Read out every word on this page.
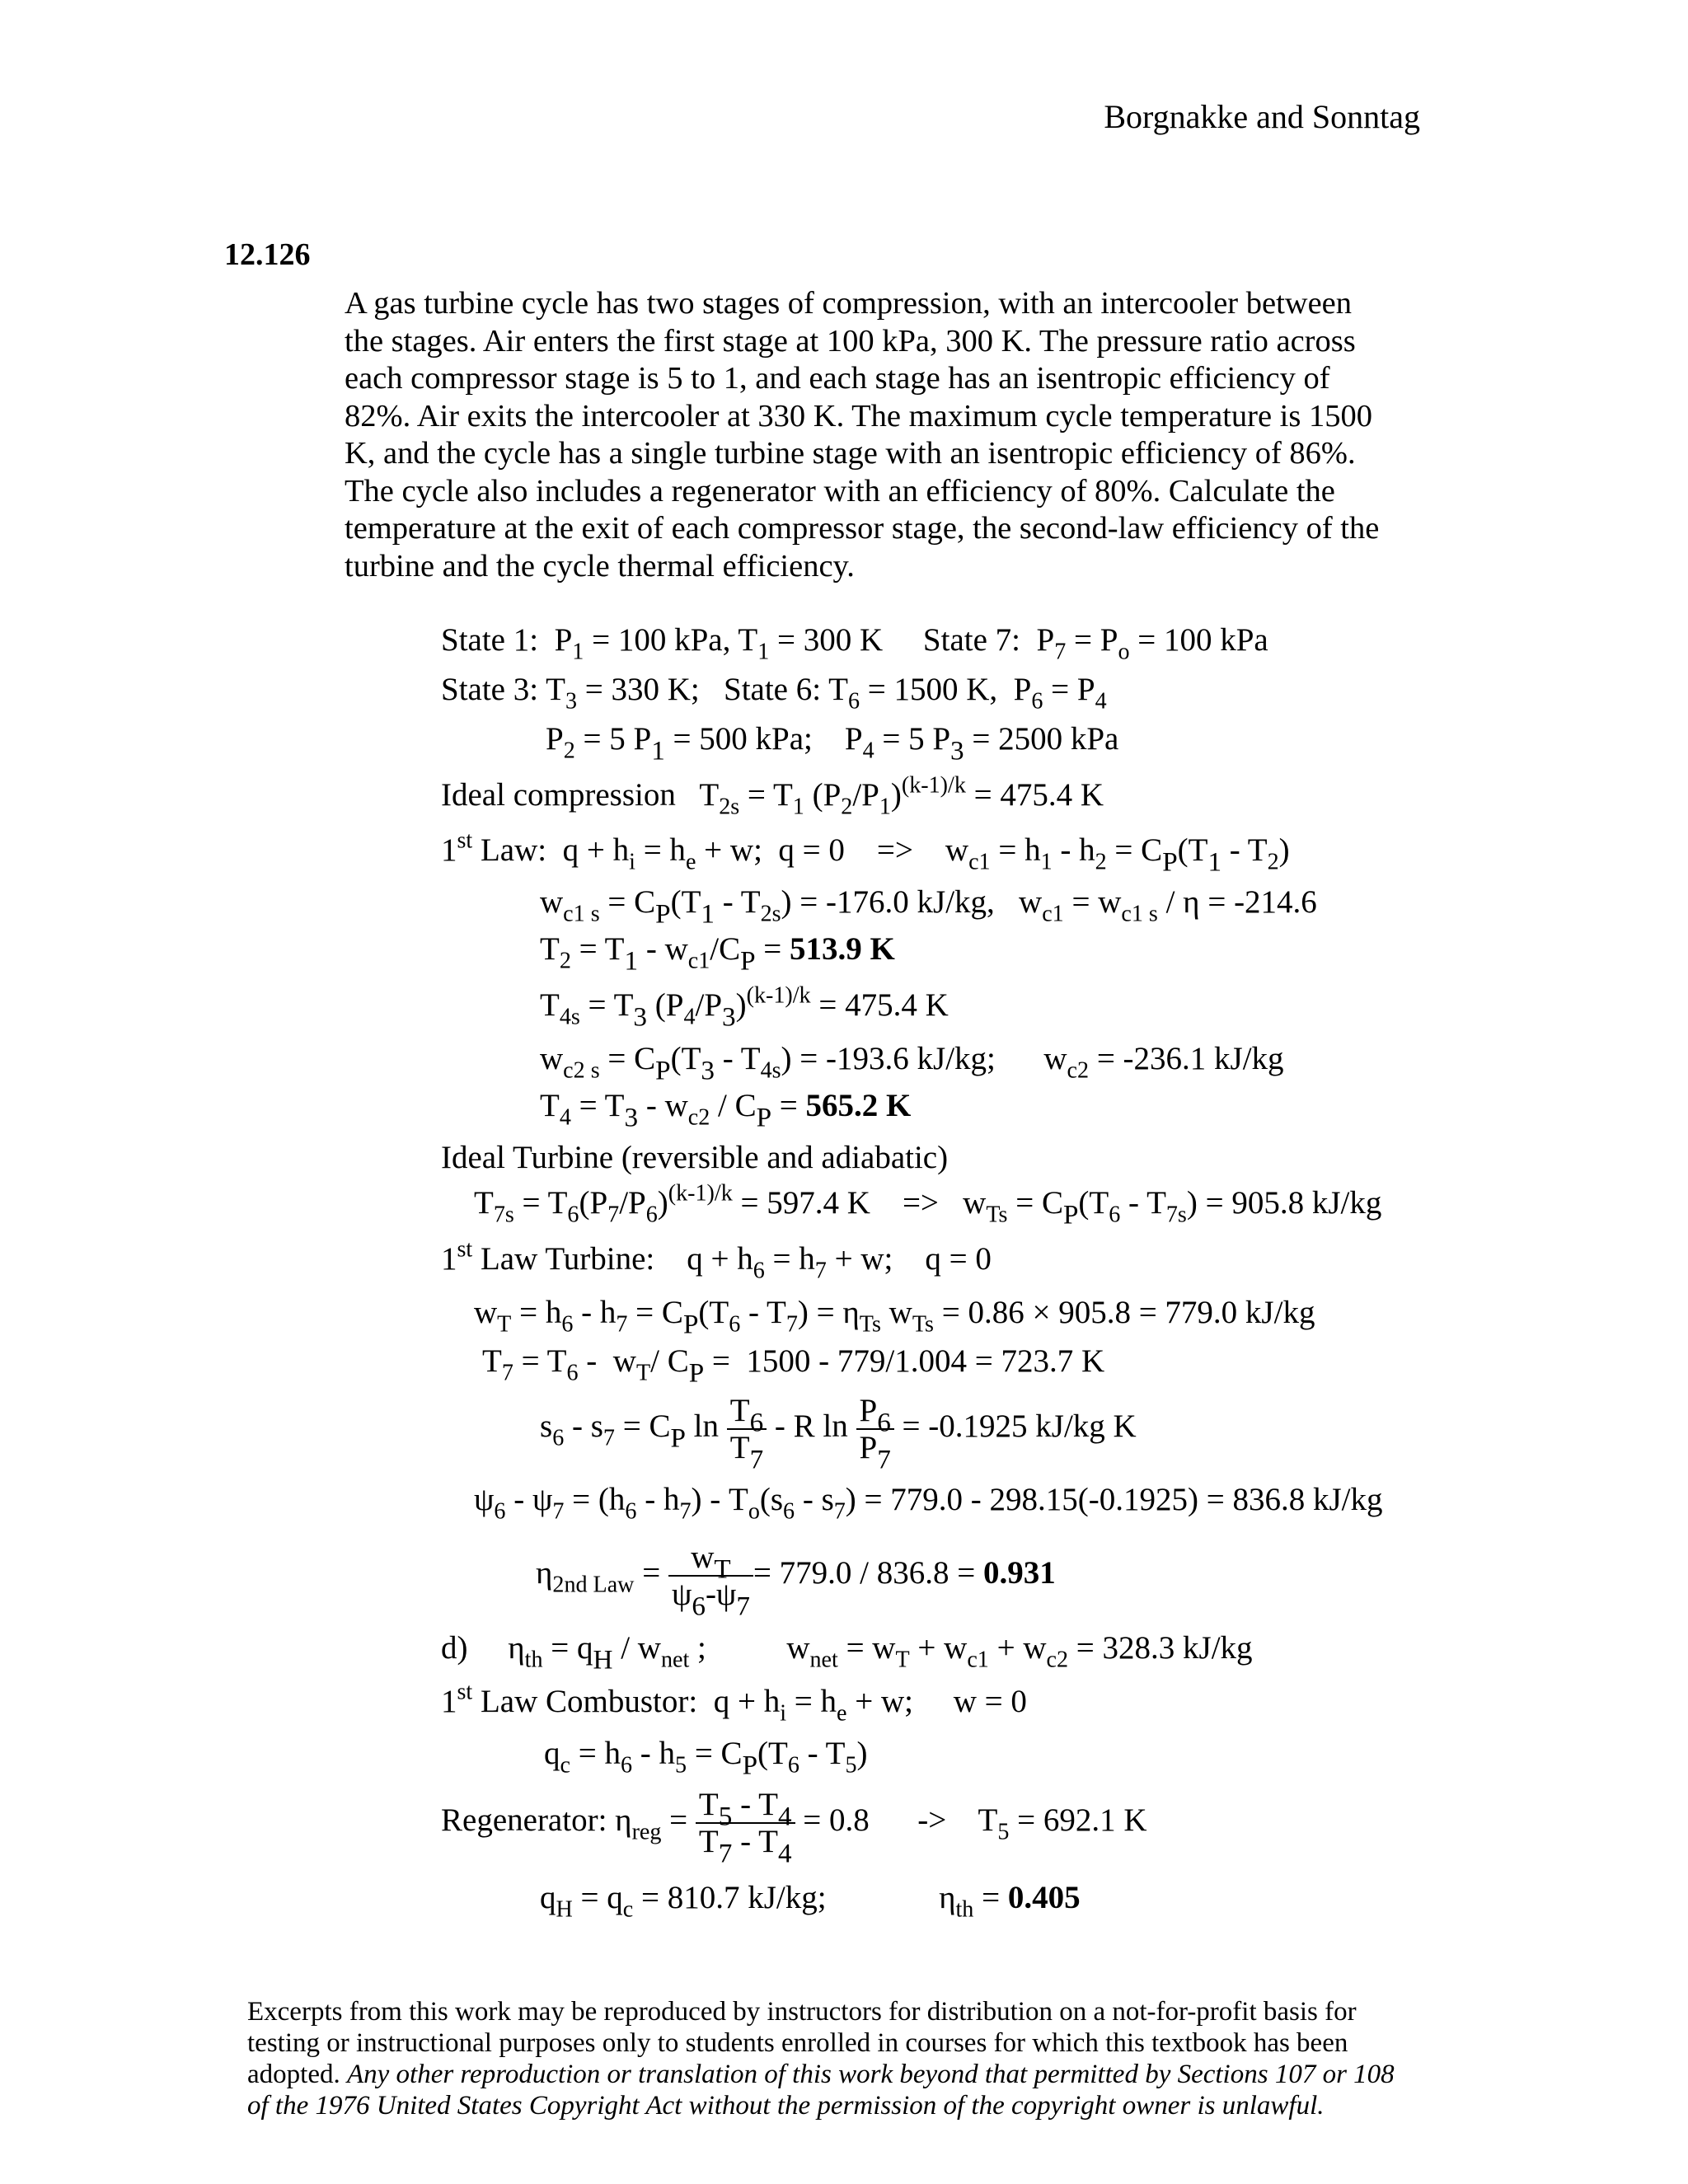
Borgnakke and Sonntag
12.126

A gas turbine cycle has two stages of compression, with an intercooler between

the stages. Air enters the first stage at 100 kPa, 300 K. The pressure ratio across

each compressor stage is 5 to 1, and each stage has an isentropic efficiency of

82%. Air exits the intercooler at 330 K. The maximum cycle temperature is 1500

K, and the cycle has a single turbine stage with an isentropic efficiency of 86%.

The cycle also includes a regenerator with an efficiency of 80%. Calculate the

temperature at the exit of each compressor stage, the second-law efficiency of the

turbine and the cycle thermal efficiency.

State 1:  $P_1 = 100$ kPa, $T_1 = 300$ K State 7:  $P_7 = P_o = 100$ kPa
State 3: $T_3 = 330$ K; State 6: $T_6 = 1500$ K,  $P_6 = P_4$
$P_2 = 5$ $P_1 = 500$ kPa;    $P_4 = 5$ $P_3 = 2500$ kPa
Ideal compression   $T_{2s} = T_1$ $(P_2/P_1)^{(k-1)/k} = 475.4$ K
1st Law:  $q + h_i = h_e + w$;  q = 0    =>    $w_{c1} = h_1 - h_2 = C_P(T_1 - T_2)$
$w_{c1 s} = C_P(T_1 - T_{2s}) = -176.0$ kJ/kg,   $w_{c1} = w_{c1 s} / \eta = -214.6$
$T_2 = T_1 - w_{c1}/C_P = 513.9$ K
$T_{4s} = T_3$ $(P_4/P_3)^{(k-1)/k} = 475.4$ K
$w_{c2 s} = C_P(T_3 - T_{4s}) = -193.6$ kJ/kg;      $w_{c2} = -236.1$ kJ/kg
$T_4 = T_3 - w_{c2} / C_P = 565.2$ K
Ideal Turbine (reversible and adiabatic)
$T_{7s} = T_6(P_7/P_6)^{(k-1)/k} = 597.4$ K    =>   $w_{Ts} = C_P(T_6 - T_{7s}) = 905.8$ kJ/kg
1st Law Turbine:    $q + h_6 = h_7 + w$;    q = 0
$w_T = h_6 - h_7 = C_P(T_6 - T_7) = \eta_{Ts}$ $w_{Ts} = 0.86 \times 905.8 = 779.0$ kJ/kg
$T_7 = T_6 - w_T/$ $C_P = 1500 - 779/1.004 = 723.7$ K
$s_6 - s_7 = C_P$ $\ln \frac{T_6}{T_7}$ - R $\ln \frac{P_6}{P_7} = -0.1925$ kJ/kg K
$\psi_6 - \psi_7 = (h_6 - h_7) - T_o(s_6 - s_7) = 779.0 - 298.15(-0.1925) = 836.8$ kJ/kg
$\eta_{2nd Law} = \frac{w_T}{\psi_6-\psi_7} = 779.0 / 836.8 = 0.931$
d)     $\eta_{th} = q_H / w_{net}$ ;          $w_{net} = w_T + w_{c1} + w_{c2} = 328.3$ kJ/kg
1st Law Combustor:  $q + h_i = h_e + w$;     w = 0
$q_c = h_6 - h_5 = C_P(T_6 - T_5)$
Regenerator: $\eta_{reg} = \frac{T_5 - T_4}{T_7 - T_4} = 0.8$      ->    $T_5 = 692.1$ K
$q_H = q_c = 810.7$ kJ/kg;              $\eta_{th} = 0.405$

Excerpts from this work may be reproduced by instructors for distribution on a not-for-profit basis for

testing or instructional purposes only to students enrolled in courses for which this textbook has been

adopted. Any other reproduction or translation of this work beyond that permitted by Sections 107 or 108

of the 1976 United States Copyright Act without the permission of the copyright owner is unlawful.
